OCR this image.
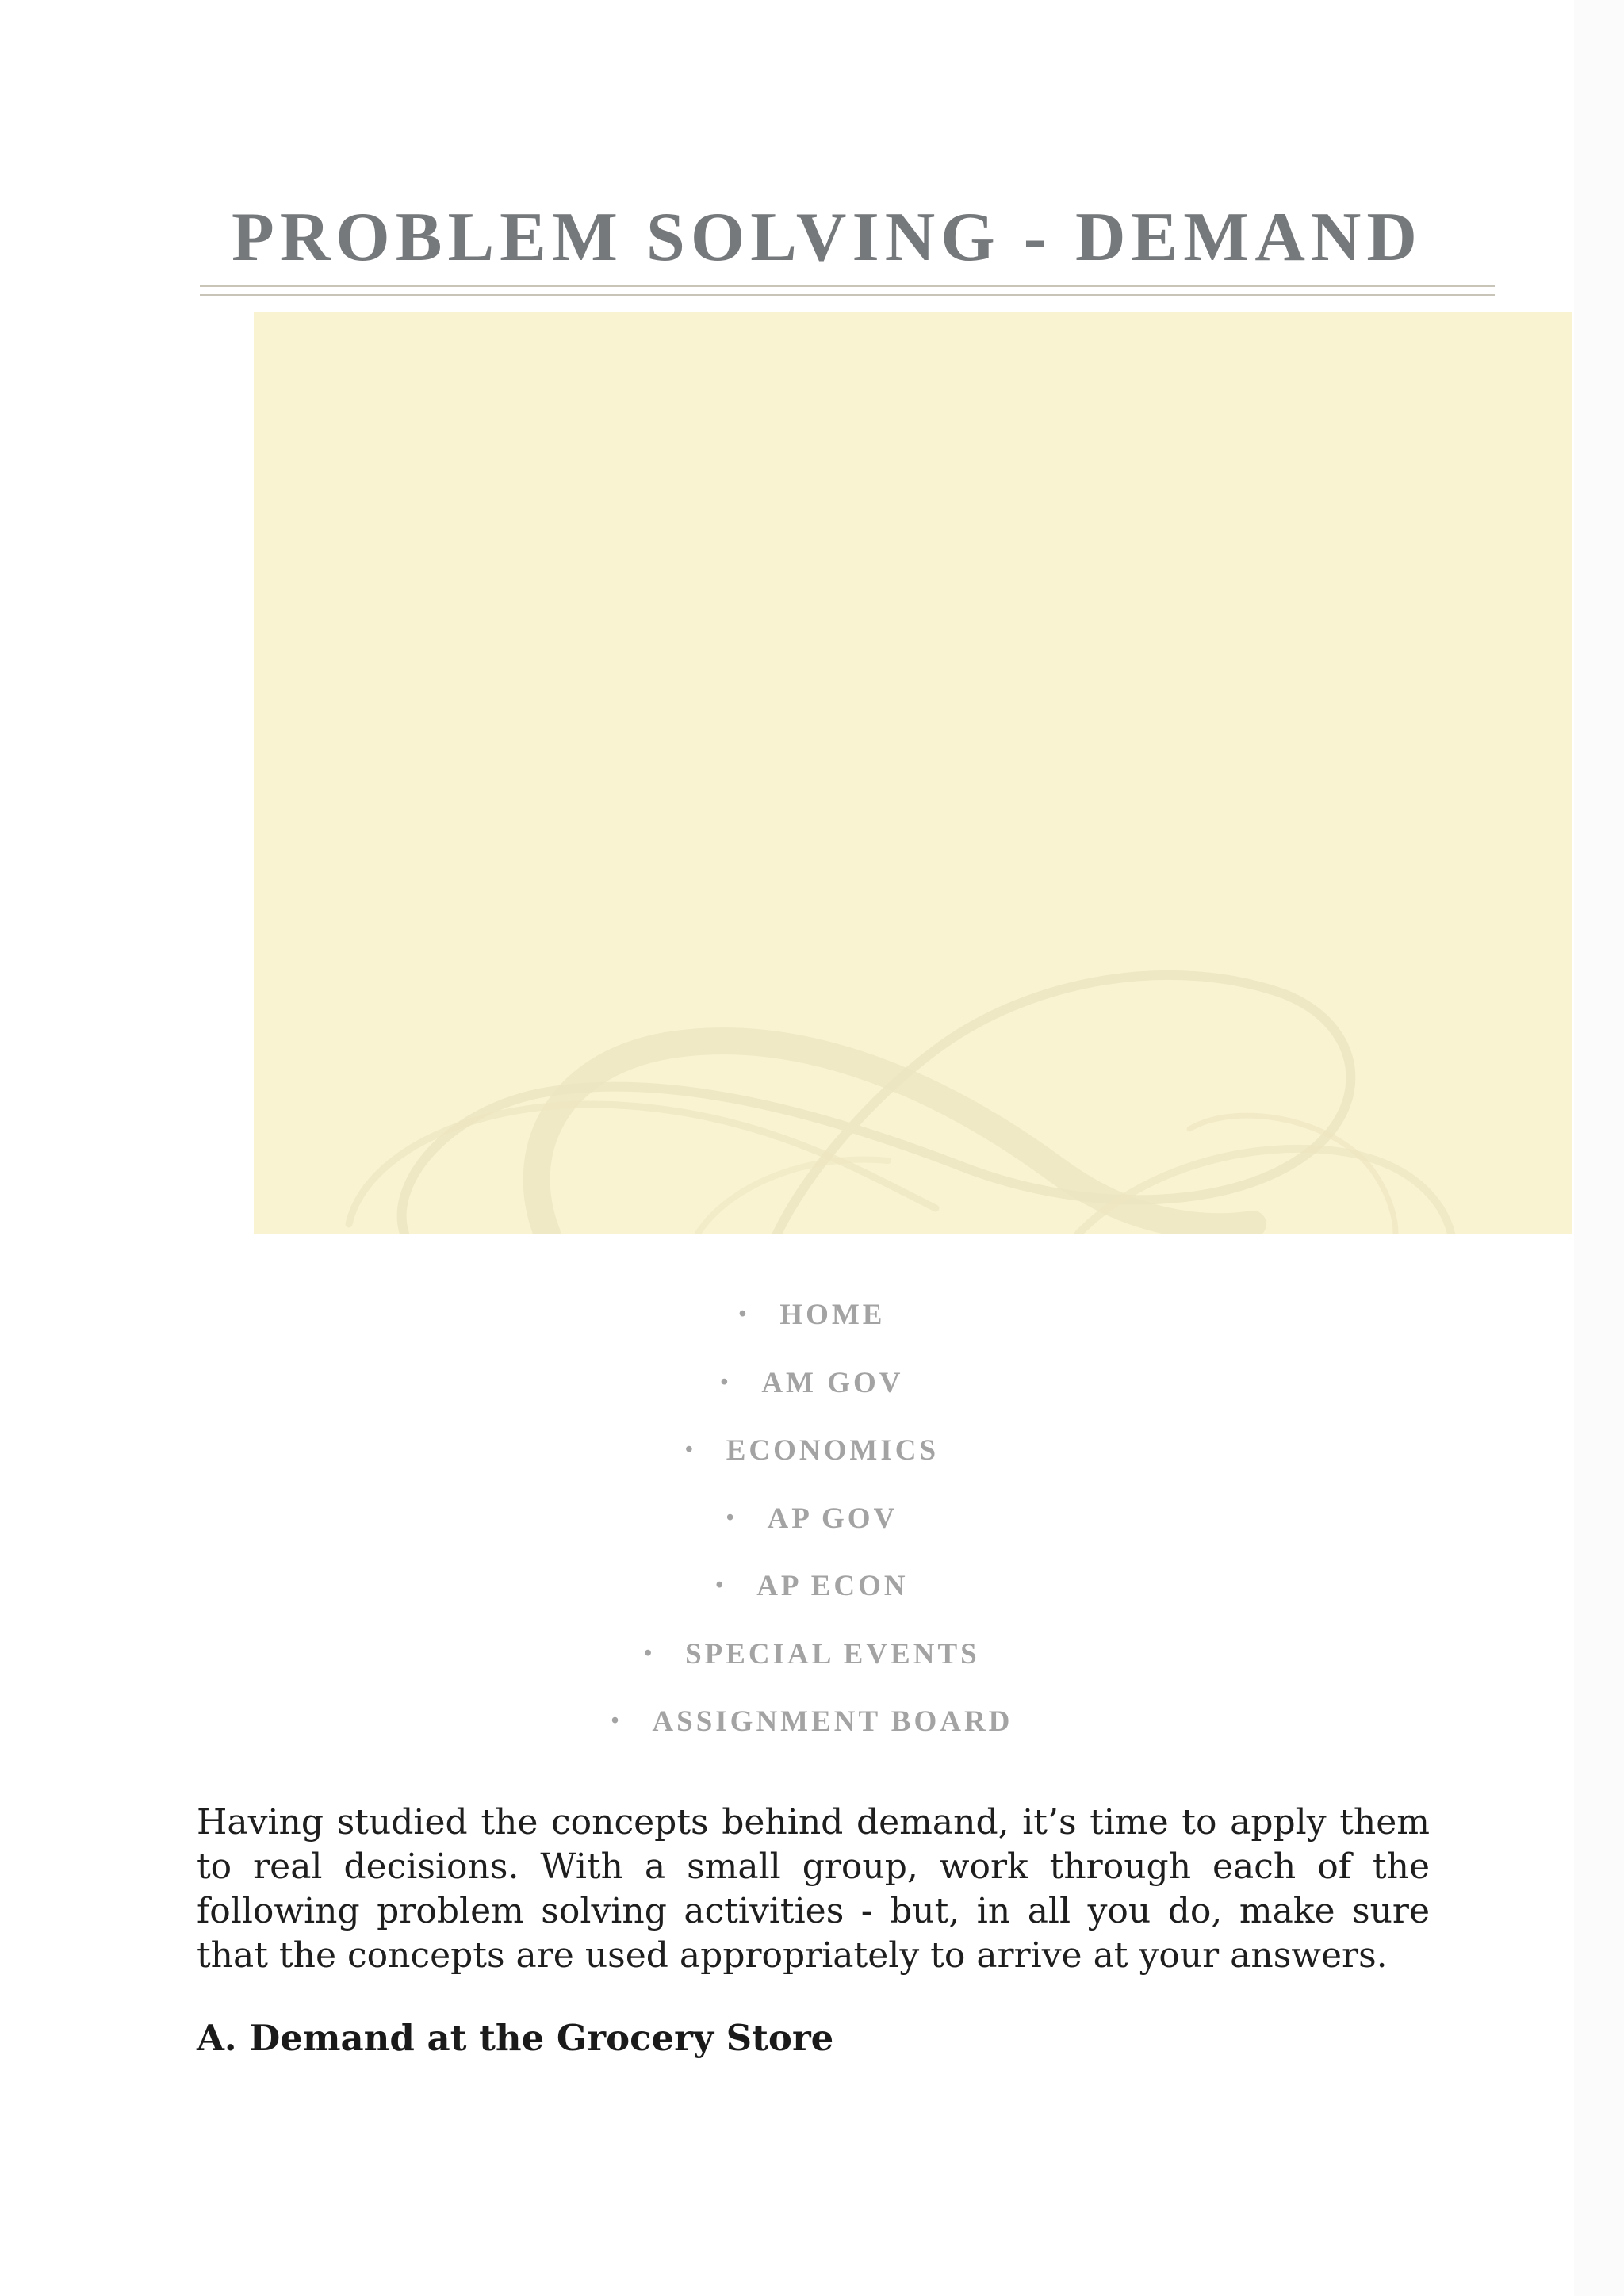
PROBLEM SOLVING - DEMAND
• HOME
• AM GOV
• ECONOMICS
• AP GOV
• AP ECON
• SPECIAL EVENTS
• ASSIGNMENT BOARD

Having studied the concepts behind demand, it’s time to apply them to real decisions. With a small group, work through each of the following problem solving activities - but, in all you do, make sure that the concepts are used appropriately to arrive at your answers.

A. Demand at the Grocery Store
